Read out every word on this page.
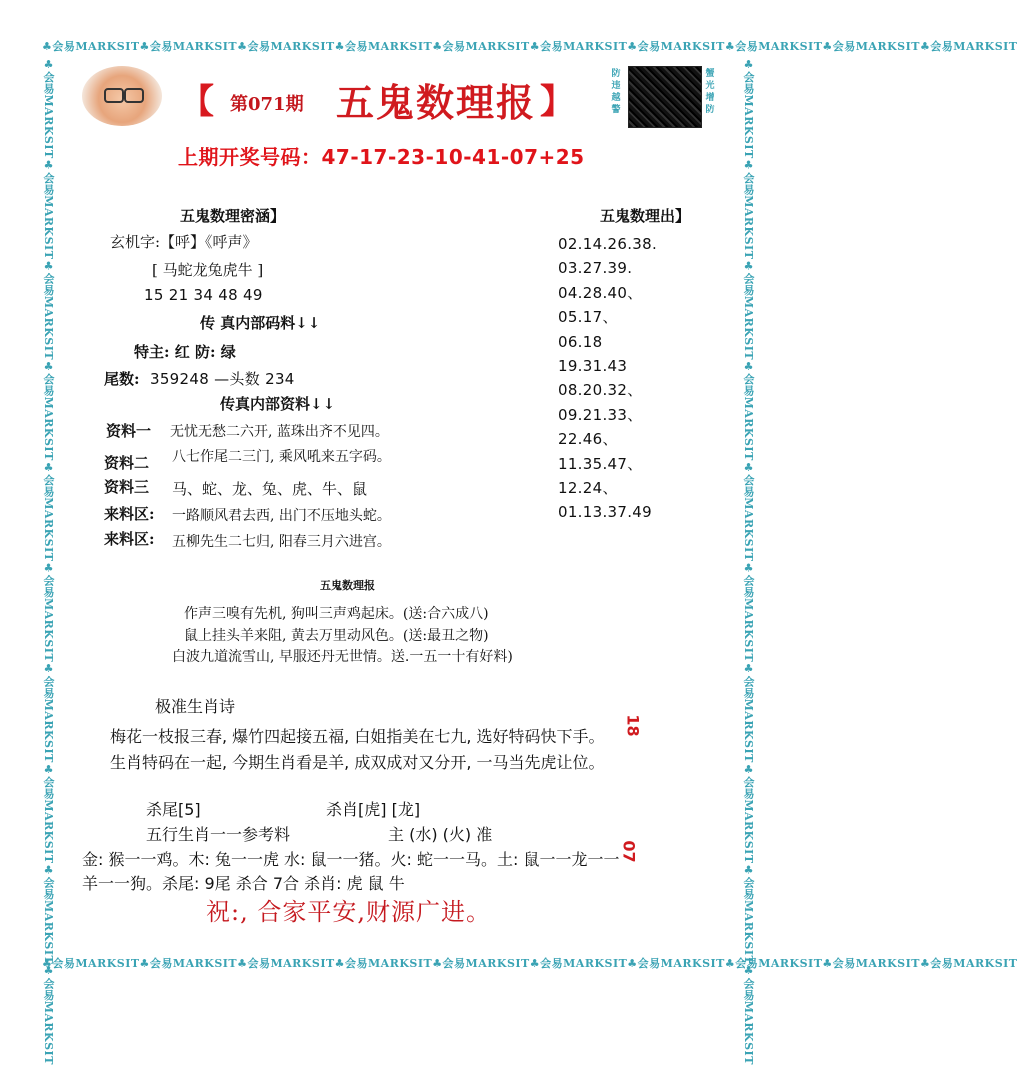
♣会易MARKSIT♣会易MARKSIT♣会易MARKSIT♣会易MARKSIT♣会易MARKSIT♣会易MARKSIT♣会易MARKSIT♣会易MARKSIT♣会易MARKSIT♣会易MARKSIT
♣会易MARKSIT♣会易MARKSIT♣会易MARKSIT♣会易MARKSIT♣会易MARKSIT♣会易MARKSIT♣会易MARKSIT♣会易MARKSIT♣会易MARKSIT♣会易MARKSIT
♣会易MARKSIT♣会易MARKSIT♣会易MARKSIT♣会易MARKSIT♣会易MARKSIT♣会易MARKSIT♣会易MARKSIT♣会易MARKSIT♣会易MARKSIT♣会易MARKSIT	♣会易MARKSIT♣会易MARKSIT♣会易MARKSIT♣会易MARKSIT♣会易MARKSIT♣会易MARKSIT♣会易MARKSIT♣会易MARKSIT♣会易MARKSIT♣会易MARKSIT
【 第071期 五鬼数理报 】
防违越警
蟹光增防
上期开奖号码：47-17-23-10-41-07+25
五鬼数理密涵】
玄机字:【呼】《呼声》
[ 马蛇龙兔虎牛 ]
15 21 34 48 49
传 真内部码料↓↓
特主: 红 防: 绿
尾数: 359248 —头数 234
传真内部资料↓↓
资料一 无忧无愁二六开, 蓝珠出齐不见四。
资料二 八七作尾二三门, 乘风吼来五字码。
资料三 马、蛇、龙、兔、虎、牛、鼠
来料区: 一路顺风君去西, 出门不压地头蛇。
来料区: 五柳先生二七归, 阳春三月六进宫。
五鬼数理出】
02.14.26.38.
03.27.39.
04.28.40、
05.17、
06.18
19.31.43
08.20.32、
09.21.33、
22.46、
11.35.47、
12.24、
01.13.37.49
五鬼数理报
作声三嗅有先机, 狗叫三声鸡起床。(送:合六成八)
鼠上挂头羊来阻, 黄去万里动风色。(送:最丑之物)
白波九道流雪山, 早服还丹无世情。送.一五一十有好料)
极准生肖诗
梅花一枝报三春, 爆竹四起接五福, 白姐指美在七九, 选好特码快下手。
生肖特码在一起, 今期生肖看是羊, 成双成对又分开, 一马当先虎让位。
18
杀尾[5]	杀肖[虎] [龙]
五行生肖一一参考料	主 (水) (火) 准
金: 猴一一鸡。木: 兔一一虎 水: 鼠一一猪。火: 蛇一一马。土: 鼠一一龙一一
羊一一狗。杀尾: 9尾 杀合 7合 杀肖: 虎 鼠 牛
07
祝:, 合家平安,财源广进。
